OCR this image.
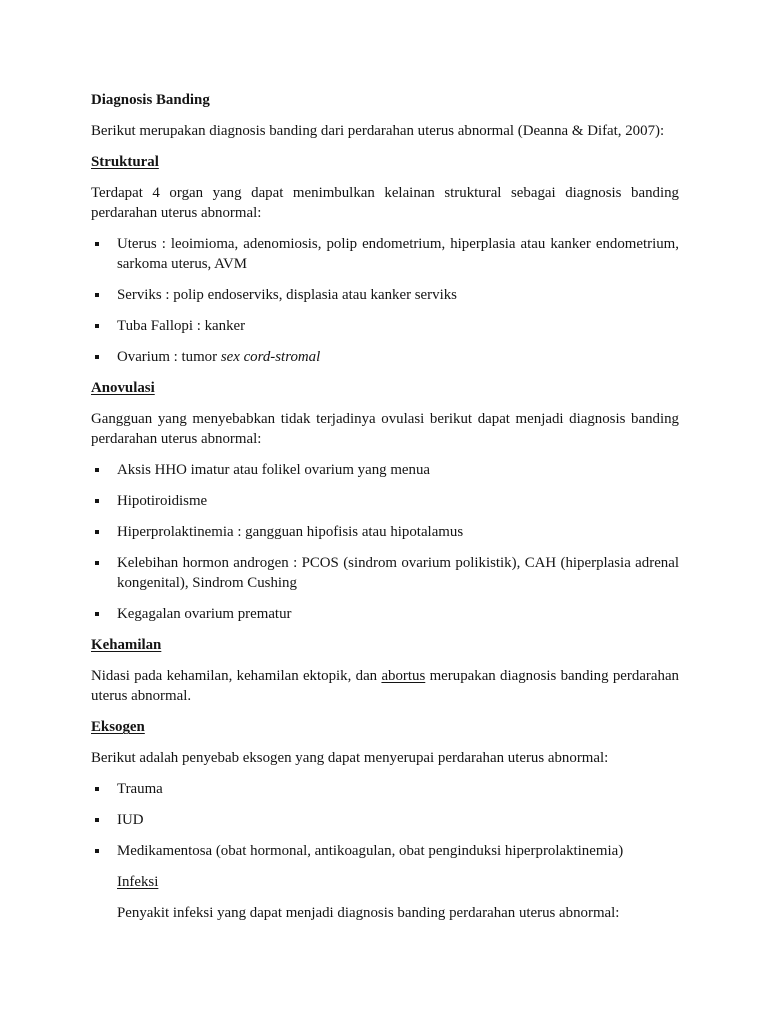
Diagnosis Banding
Berikut merupakan diagnosis banding dari perdarahan uterus abnormal (Deanna & Difat, 2007):
Struktural
Terdapat 4 organ yang dapat menimbulkan kelainan struktural sebagai diagnosis banding
perdarahan uterus abnormal:
Uterus : leoimioma, adenomiosis, polip endometrium, hiperplasia atau kanker endometrium,
sarkoma uterus, AVM
Serviks : polip endoserviks, displasia atau kanker serviks
Tuba Fallopi : kanker
Ovarium : tumor sex cord-stromal
Anovulasi
Gangguan yang menyebabkan tidak terjadinya ovulasi berikut dapat menjadi diagnosis banding
perdarahan uterus abnormal:
Aksis HHO imatur atau folikel ovarium yang menua
Hipotiroidisme
Hiperprolaktinemia : gangguan hipofisis atau hipotalamus
Kelebihan hormon androgen : PCOS (sindrom ovarium polikistik), CAH (hiperplasia adrenal
kongenital), Sindrom Cushing
Kegagalan ovarium prematur
Kehamilan
Nidasi pada kehamilan, kehamilan ektopik, dan abortus merupakan diagnosis banding perdarahan
uterus abnormal.
Eksogen
Berikut adalah penyebab eksogen yang dapat menyerupai perdarahan uterus abnormal:
Trauma
IUD
Medikamentosa (obat hormonal, antikoagulan, obat penginduksi hiperprolaktinemia)
Infeksi
Penyakit infeksi yang dapat menjadi diagnosis banding perdarahan uterus abnormal:
